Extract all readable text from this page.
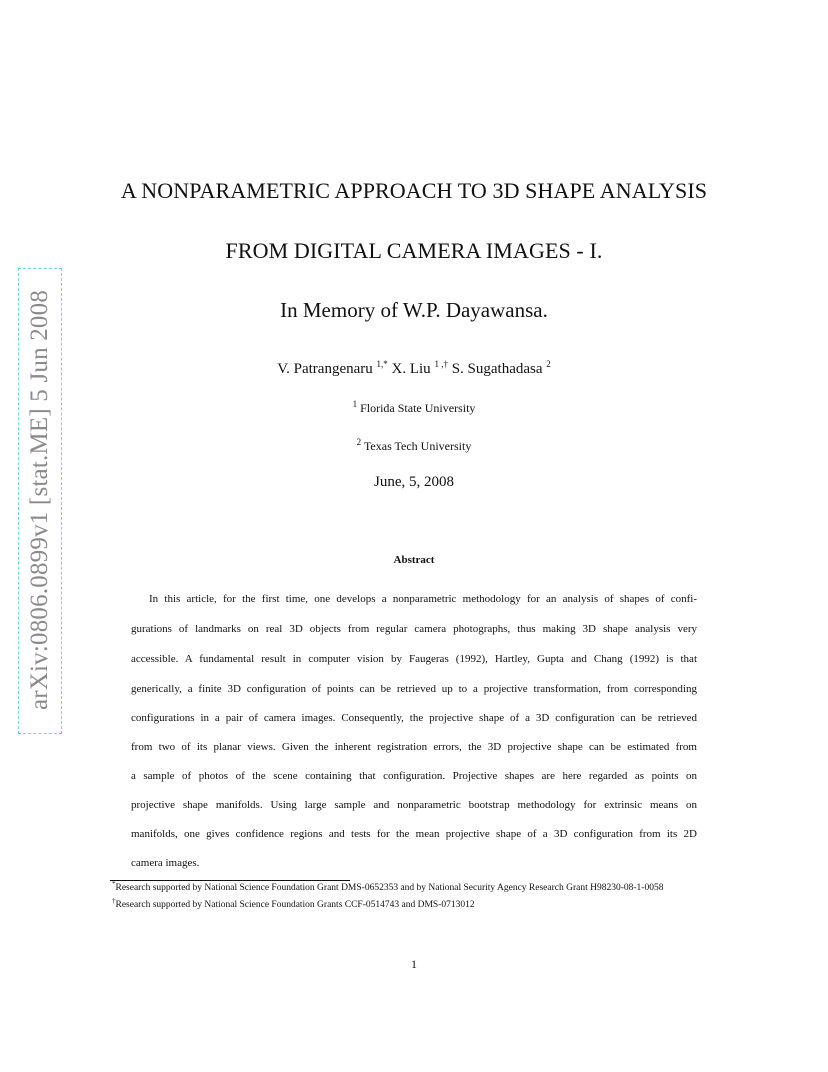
arXiv:0806.0899v1 [stat.ME] 5 Jun 2008
A NONPARAMETRIC APPROACH TO 3D SHAPE ANALYSIS
FROM DIGITAL CAMERA IMAGES - I.
In Memory of W.P. Dayawansa.
V. Patrangenaru $^{1,*}$ X. Liu $^{1 ,\dagger}$ S. Sugathadasa $^2$
$^1$ Florida State University
$^2$ Texas Tech University
June, 5, 2008
Abstract
In this article, for the first time, one develops a nonparametric methodology for an analysis of shapes of confi-
gurations of landmarks on real 3D objects from regular camera photographs, thus making 3D shape analysis very
accessible. A fundamental result in computer vision by Faugeras (1992), Hartley, Gupta and Chang (1992) is that
generically, a finite 3D configuration of points can be retrieved up to a projective transformation, from corresponding
configurations in a pair of camera images. Consequently, the projective shape of a 3D configuration can be retrieved
from two of its planar views. Given the inherent registration errors, the 3D projective shape can be estimated from
a sample of photos of the scene containing that configuration. Projective shapes are here regarded as points on
projective shape manifolds. Using large sample and nonparametric bootstrap methodology for extrinsic means on
manifolds, one gives confidence regions and tests for the mean projective shape of a 3D configuration from its 2D
camera images.
*Research supported by National Science Foundation Grant DMS-0652353 and by National Security Agency Research Grant H98230-08-1-0058
†Research supported by National Science Foundation Grants CCF-0514743 and DMS-0713012
1
